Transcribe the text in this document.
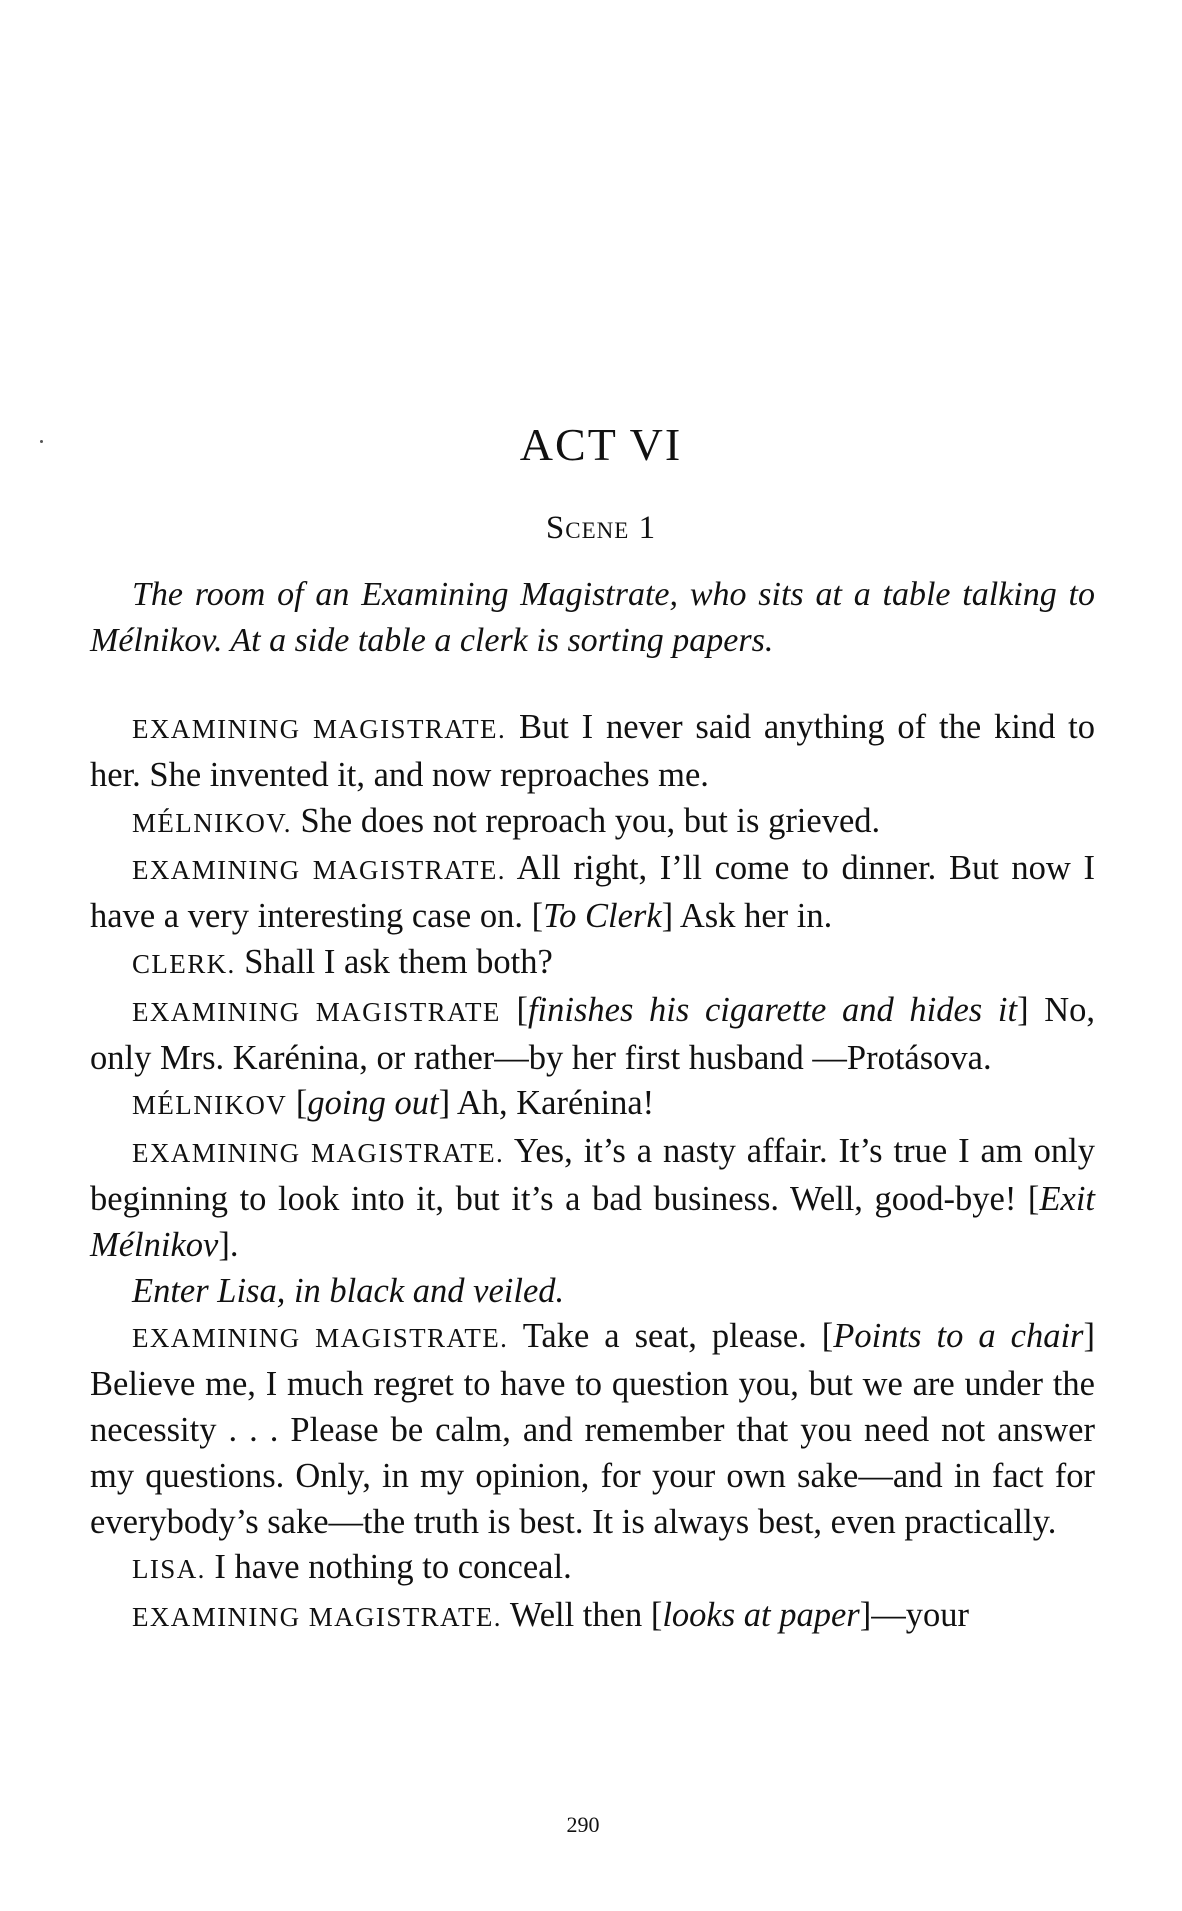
ACT VI
Scene 1
The room of an Examining Magistrate, who sits at a table talking to Mélnikov. At a side table a clerk is sorting papers.

EXAMINING MAGISTRATE. But I never said anything of the kind to her. She invented it, and now reproaches me.

MÉLNIKOV. She does not reproach you, but is grieved.

EXAMINING MAGISTRATE. All right, I’ll come to dinner. But now I have a very interesting case on. [To Clerk] Ask her in.

CLERK. Shall I ask them both?

EXAMINING MAGISTRATE [finishes his cigarette and hides it] No, only Mrs. Karénina, or rather—by her first husband —Protásova.

MÉLNIKOV [going out] Ah, Karénina!

EXAMINING MAGISTRATE. Yes, it’s a nasty affair. It’s true I am only beginning to look into it, but it’s a bad business. Well, good-bye! [Exit Mélnikov].

Enter Lisa, in black and veiled.

EXAMINING MAGISTRATE. Take a seat, please. [Points to a chair] Believe me, I much regret to have to question you, but we are under the necessity . . . Please be calm, and remember that you need not answer my questions. Only, in my opinion, for your own sake—and in fact for everybody’s sake—the truth is best. It is always best, even practically.

LISA. I have nothing to conceal.

EXAMINING MAGISTRATE. Well then [looks at paper]—your

290
